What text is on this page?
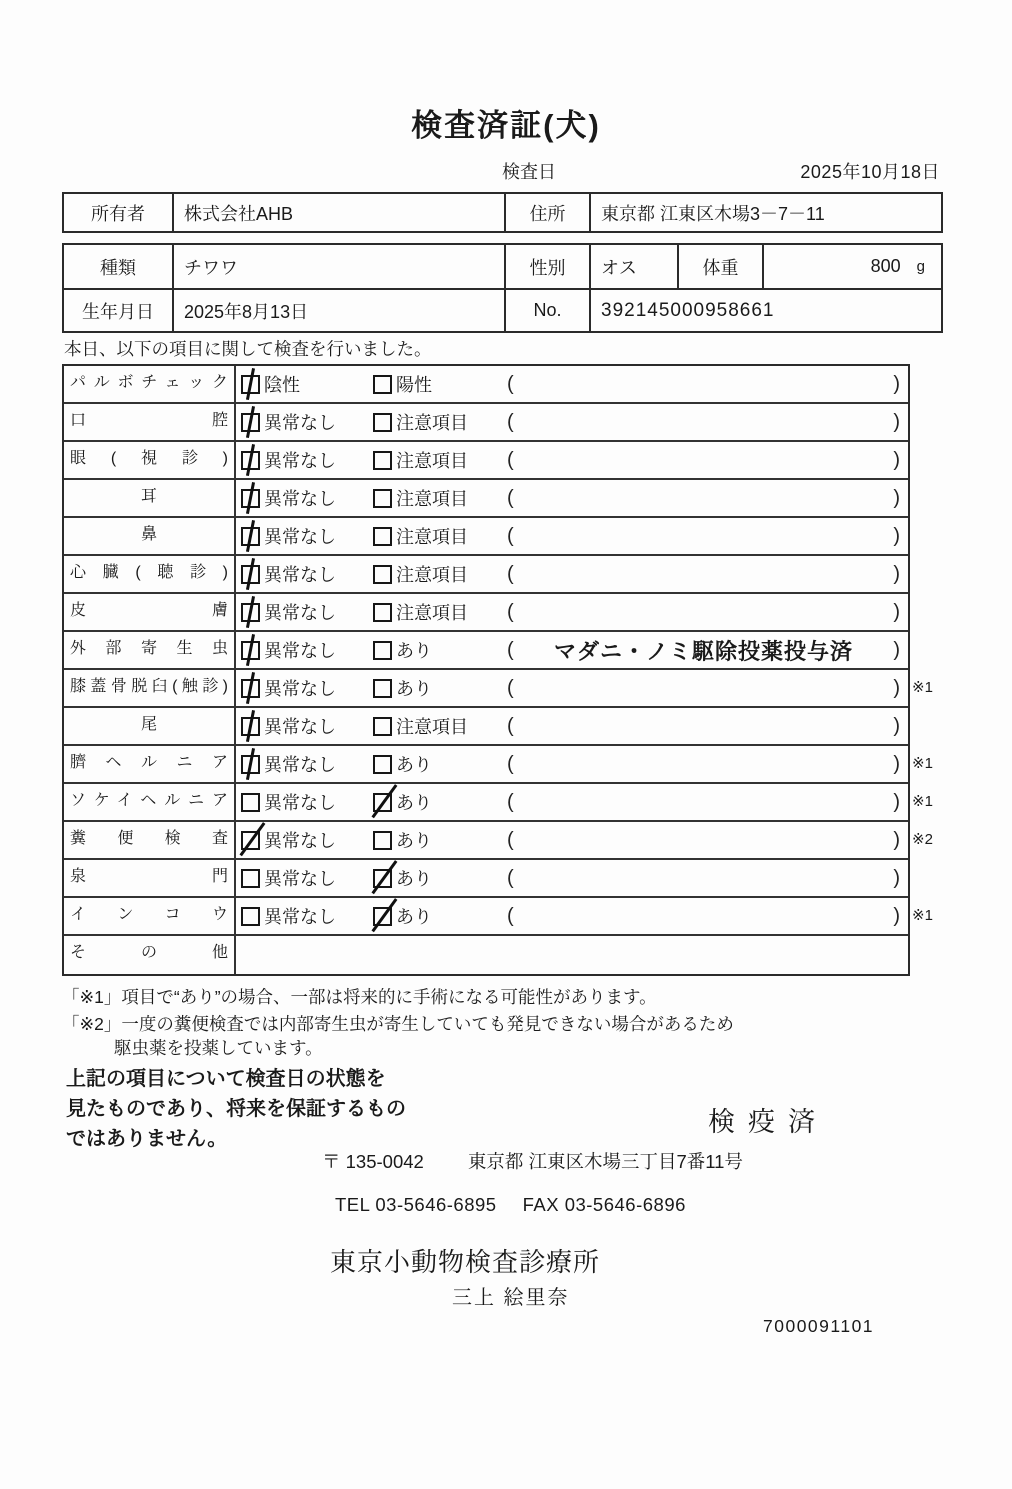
検査済証(犬)
検査日	2025年10月18日
所有者	株式会社AHB	住所	東京都 江東区木場3－7－11
種類	チワワ	性別	オス	体重	800 g
生年月日	2025年8月13日	No.	392145000958661
本日、以下の項目に関して検査を行いました。
パルボチェック	陰性	陽性	(	)
口腔	異常なし	注意項目 (	)
眼(視診)	異常なし	注意項目 (	)
耳	異常なし	注意項目 (	)
鼻	異常なし	注意項目 (	)
心臓(聴診)	異常なし	注意項目 (	)
皮膚	異常なし	注意項目 (	)
外部寄生虫	異常なし	あり	(	マダニ・ノミ駆除投薬投与済	)
膝蓋骨脱臼(触診)	異常なし	あり	(	) ※1
尾	異常なし	注意項目 (	)
臍ヘルニア	異常なし	あり	(	) ※1
ソケイヘルニア	異常なし	あり	(	) ※1
糞便検査	異常なし	あり	(	) ※2
泉門	異常なし	あり	(	)
インコウ	異常なし	あり	(	) ※1
その他
「※1」項目で“あり”の場合、一部は将来的に手術になる可能性があります。
「※2」一度の糞便検査では内部寄生虫が寄生していても発見できない場合があるため
駆虫薬を投薬しています。
上記の項目について検査日の状態を
見たものであり、将来を保証するもの
ではありません。
検疫済
〒 135-0042 東京都 江東区木場三丁目7番11号
TEL 03-5646-6895 FAX 03-5646-6896
東京小動物検査診療所
三上 絵里奈
7000091101
